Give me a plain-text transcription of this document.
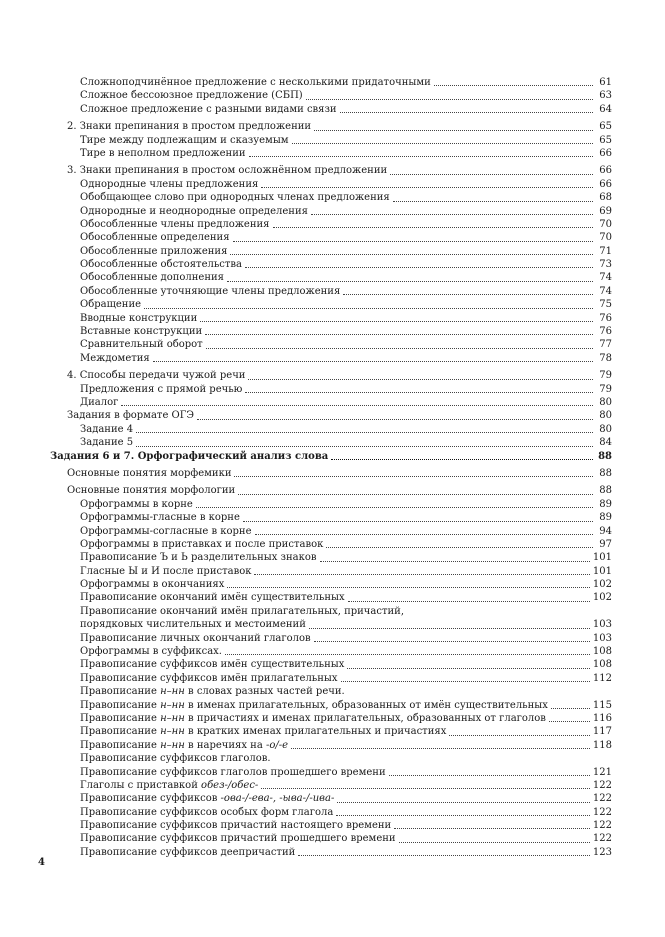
Сложноподчинённое предложение с несколькими придаточными	61
Сложное бессоюзное предложение (СБП)	63
Сложное предложение с разными видами связи	64
2. Знаки препинания в простом предложении	65
Тире между подлежащим и сказуемым	65
Тире в неполном предложении	66
3. Знаки препинания в простом осложнённом предложении	66
Однородные члены предложения	66
Обобщающее слово при однородных членах предложения	68
Однородные и неоднородные определения	69
Обособленные члены предложения	70
Обособленные определения	70
Обособленные приложения	71
Обособленные обстоятельства	73
Обособленные дополнения	74
Обособленные уточняющие члены предложения	74
Обращение	75
Вводные конструкции	76
Вставные конструкции	76
Сравнительный оборот	77
Междометия	78
4. Способы передачи чужой речи	79
Предложения с прямой речью	79
Диалог	80
Задания в формате ОГЭ	80
Задание 4	80
Задание 5	84
Задания 6 и 7. Орфографический анализ слова	88
Основные понятия морфемики	88
Основные понятия морфологии	88
Орфограммы в корне	89
Орфограммы-гласные в корне	89
Орфограммы-согласные в корне	94
Орфограммы в приставках и после приставок	97
Правописание Ъ и Ь разделительных знаков	101
Гласные Ы и И после приставок	101
Орфограммы в окончаниях	102
Правописание окончаний имён существительных	102
Правописание окончаний имён прилагательных, причастий,
порядковых числительных и местоимений	103
Правописание личных окончаний глаголов	103
Орфограммы в суффиксах.	108
Правописание суффиксов имён существительных	108
Правописание суффиксов имён прилагательных	112
Правописание н–нн в словах разных частей речи.
Правописание н–нн в именах прилагательных, образованных от имён существительных	115
Правописание н–нн в причастиях и именах прилагательных, образованных от глаголов	116
Правописание н–нн в кратких именах прилагательных и причастиях	117
Правописание н–нн в наречиях на -о/-е	118
Правописание суффиксов глаголов.
Правописание суффиксов глаголов прошедшего времени	121
Глаголы с приставкой обез-/обес-	122
Правописание суффиксов -ова-/-ева-, -ыва-/-ива-	122
Правописание суффиксов особых форм глагола	122
Правописание суффиксов причастий настоящего времени	122
Правописание суффиксов причастий прошедшего времени	122
Правописание суффиксов деепричастий	123
4
